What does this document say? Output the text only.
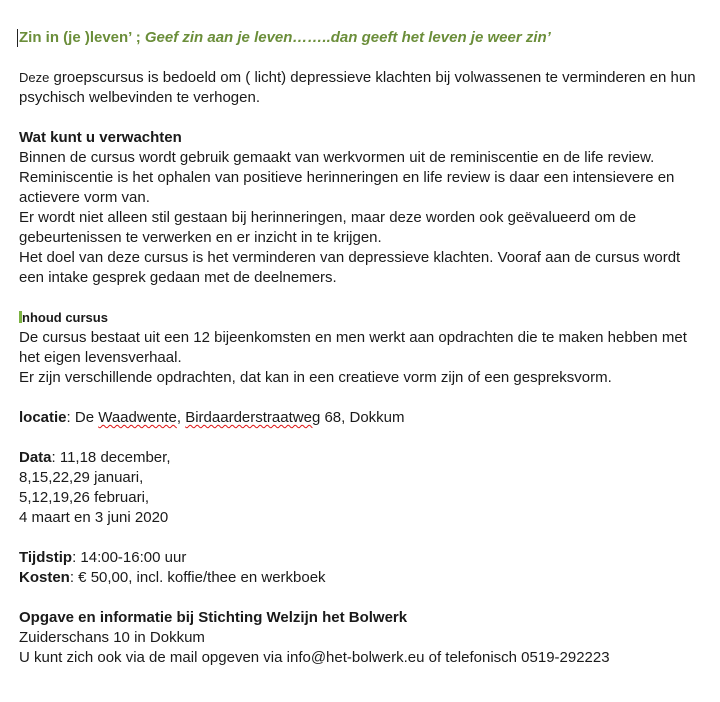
Zin in (je )leven’ ; Geef zin aan je leven……..dan geeft het leven je weer zin’

Deze groepscursus is bedoeld om ( licht) depressieve klachten bij volwassenen te verminderen en hun psychisch welbevinden te verhogen.

Wat kunt u verwachten

Binnen de cursus wordt gebruik gemaakt van werkvormen uit de reminiscentie en de life review.

Reminiscentie is het ophalen van positieve herinneringen en life review is daar een intensievere en actievere vorm van.

Er wordt niet alleen stil gestaan bij herinneringen, maar deze worden ook geëvalueerd om de gebeurtenissen te verwerken en er inzicht in te krijgen.

Het doel van deze cursus is het verminderen van depressieve klachten. Vooraf aan de cursus wordt een intake gesprek gedaan met de deelnemers.

nhoud cursus

De cursus bestaat uit een 12 bijeenkomsten en men werkt aan opdrachten die te maken hebben met het eigen levensverhaal.

Er zijn verschillende opdrachten, dat kan in een creatieve vorm zijn of een gespreksvorm.

locatie: De Waadwente, Birdaarderstraatweg 68, Dokkum

Data: 11,18 december,

8,15,22,29 januari,

5,12,19,26 februari,

4 maart en 3 juni 2020

Tijdstip: 14:00-16:00 uur

Kosten: € 50,00, incl. koffie/thee en werkboek

Opgave en informatie bij Stichting Welzijn het Bolwerk

Zuiderschans 10 in Dokkum

U kunt zich ook via de mail opgeven via info@het-bolwerk.eu of telefonisch 0519-292223
